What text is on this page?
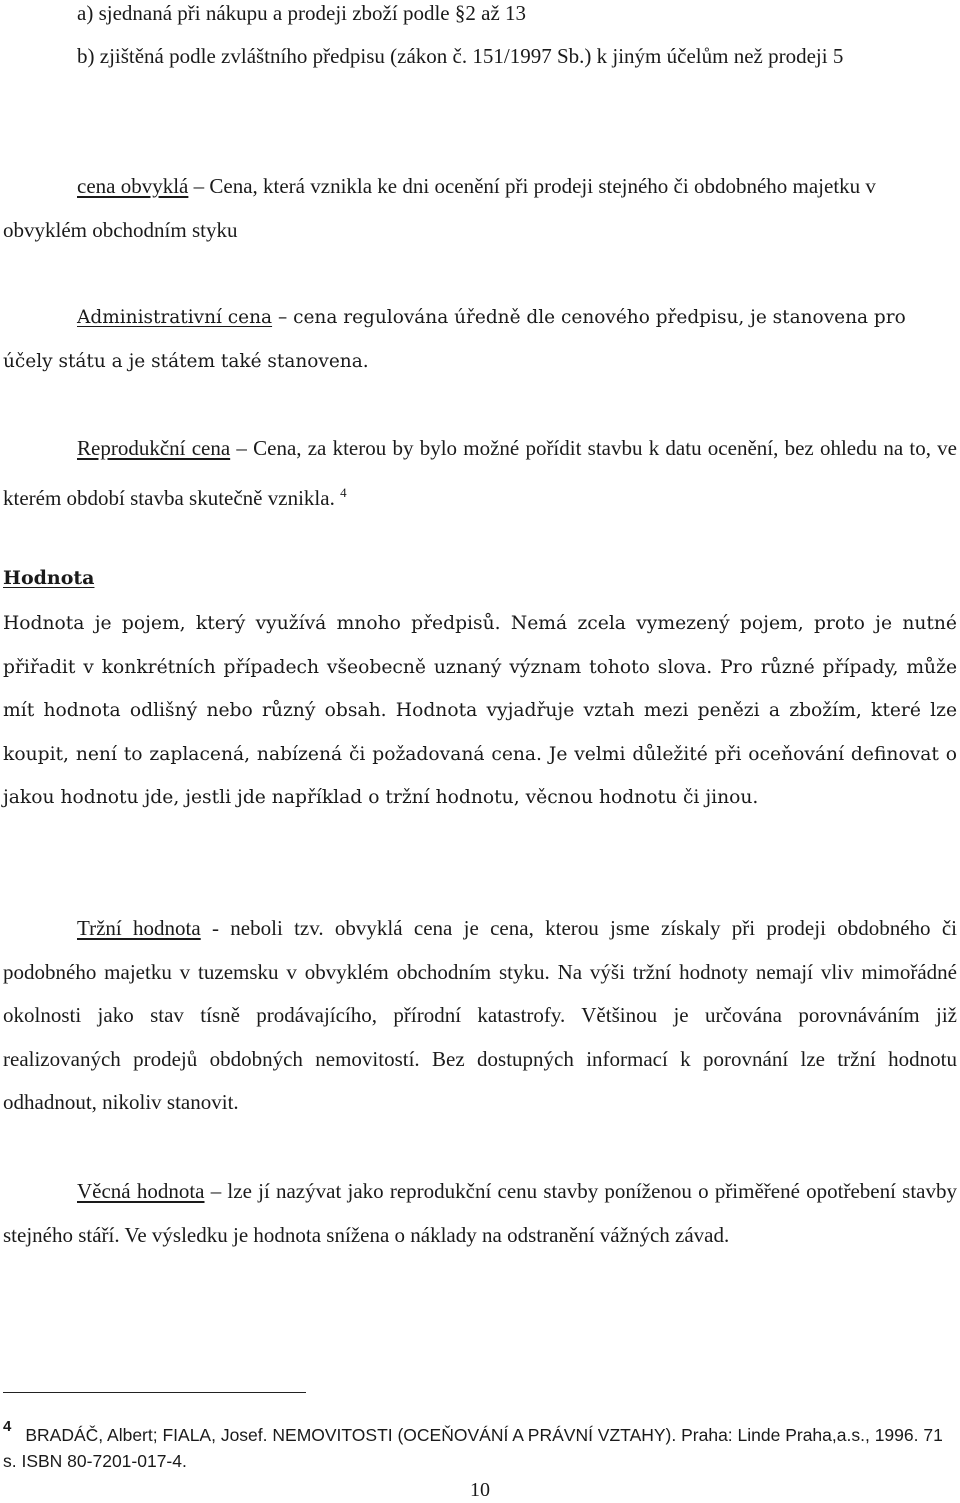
a) sjednaná při nákupu a prodeji zboží podle §2 až 13

b) zjištěná podle zvláštního předpisu (zákon č. 151/1997 Sb.) k jiným účelům než prodeji 5

cena obvyklá – Cena, která vznikla ke dni ocenění při prodeji stejného či obdobného majetku v obvyklém obchodním styku

Administrativní cena – cena regulována úředně dle cenového předpisu, je stanovena pro účely státu a je státem také stanovena.

Reprodukční cena – Cena, za kterou by bylo možné pořídit stavbu k datu ocenění, bez ohledu na to, ve kterém období stavba skutečně vznikla. $^4$

Hodnota

Hodnota je pojem, který využívá mnoho předpisů. Nemá zcela vymezený pojem, proto je nutné přiřadit v konkrétních případech všeobecně uznaný význam tohoto slova. Pro různé případy, může mít hodnota odlišný nebo různý obsah. Hodnota vyjadřuje vztah mezi penězi a zbožím, které lze koupit, není to zaplacená, nabízená či požadovaná cena. Je velmi důležité při oceňování definovat o jakou hodnotu jde, jestli jde například o tržní hodnotu, věcnou hodnotu či jinou.

Tržní hodnota - neboli tzv. obvyklá cena je cena, kterou jsme získaly při prodeji obdobného či podobného majetku v tuzemsku v obvyklém obchodním styku. Na výši tržní hodnoty nemají vliv mimořádné okolnosti jako stav tísně prodávajícího, přírodní katastrofy. Většinou je určována porovnáváním již realizovaných prodejů obdobných nemovitostí. Bez dostupných informací k porovnání lze tržní hodnotu odhadnout, nikoliv stanovit.

Věcná hodnota – lze jí nazývat jako reprodukční cenu stavby poníženou o přiměřené opotřebení stavby stejného stáří. Ve výsledku je hodnota snížena o náklady na odstranění vážných závad.

4 BRADÁČ, Albert; FIALA, Josef. NEMOVITOSTI (OCEŇOVÁNÍ A PRÁVNÍ VZTAHY). Praha: Linde Praha,a.s., 1996. 71 s. ISBN 80-7201-017-4.
10
